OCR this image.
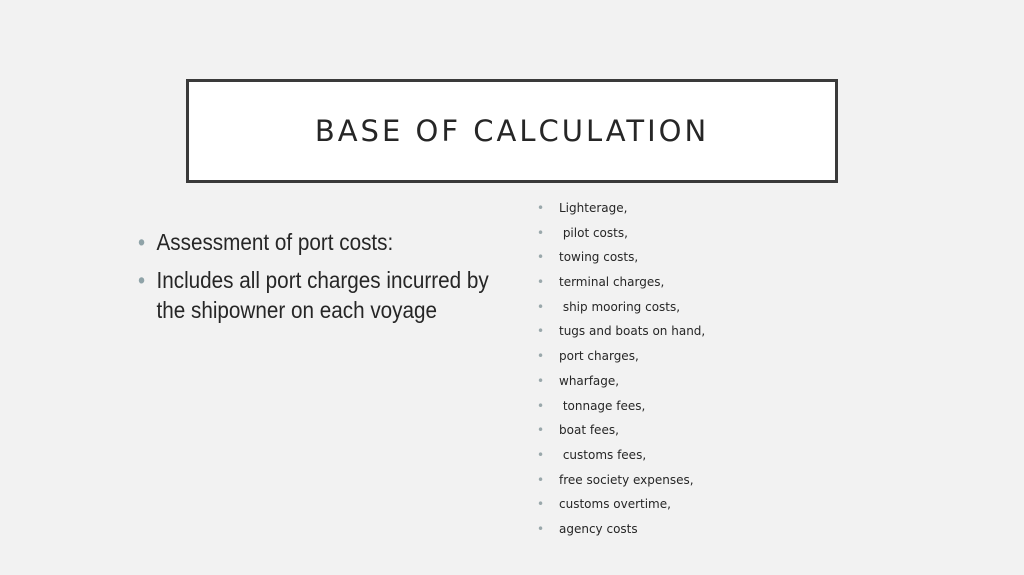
BASE OF CALCULATION
• Assessment of port costs:
• Includes all port charges incurred by the shipowner on each voyage
• Lighterage,
• pilot costs,
• towing costs,
• terminal charges,
• ship mooring costs,
• tugs and boats on hand,
• port charges,
• wharfage,
• tonnage fees,
• boat fees,
• customs fees,
• free society expenses,
• customs overtime,
• agency costs
